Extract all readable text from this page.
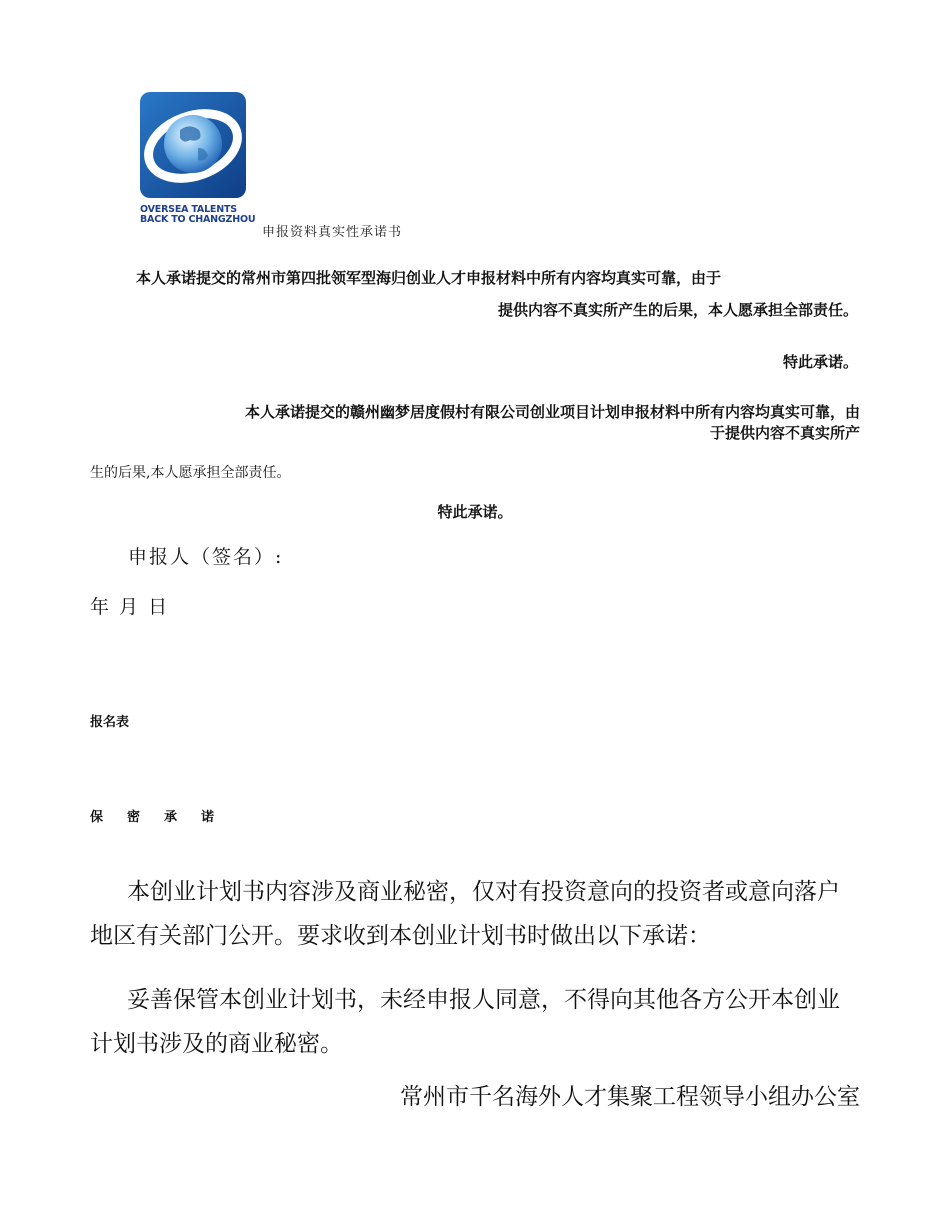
OVERSEA TALENTS
BACK TO CHANGZHOU
申报资料真实性承诺书
本人承诺提交的常州市第四批领军型海归创业人才申报材料中所有内容均真实可靠，由于
提供内容不真实所产生的后果，本人愿承担全部责任。
特此承诺。
本人承诺提交的赣州幽梦居度假村有限公司创业项目计划申报材料中所有内容均真实可靠，由
于提供内容不真实所产
生的后果,本人愿承担全部责任。
特此承诺。
申报人（签名）:
年 月 日
报名表
保密承诺
本创业计划书内容涉及商业秘密，仅对有投资意向的投资者或意向落户地区有关部门公开。要求收到本创业计划书时做出以下承诺：
妥善保管本创业计划书，未经申报人同意，不得向其他各方公开本创业计划书涉及的商业秘密。
常州市千名海外人才集聚工程领导小组办公室
